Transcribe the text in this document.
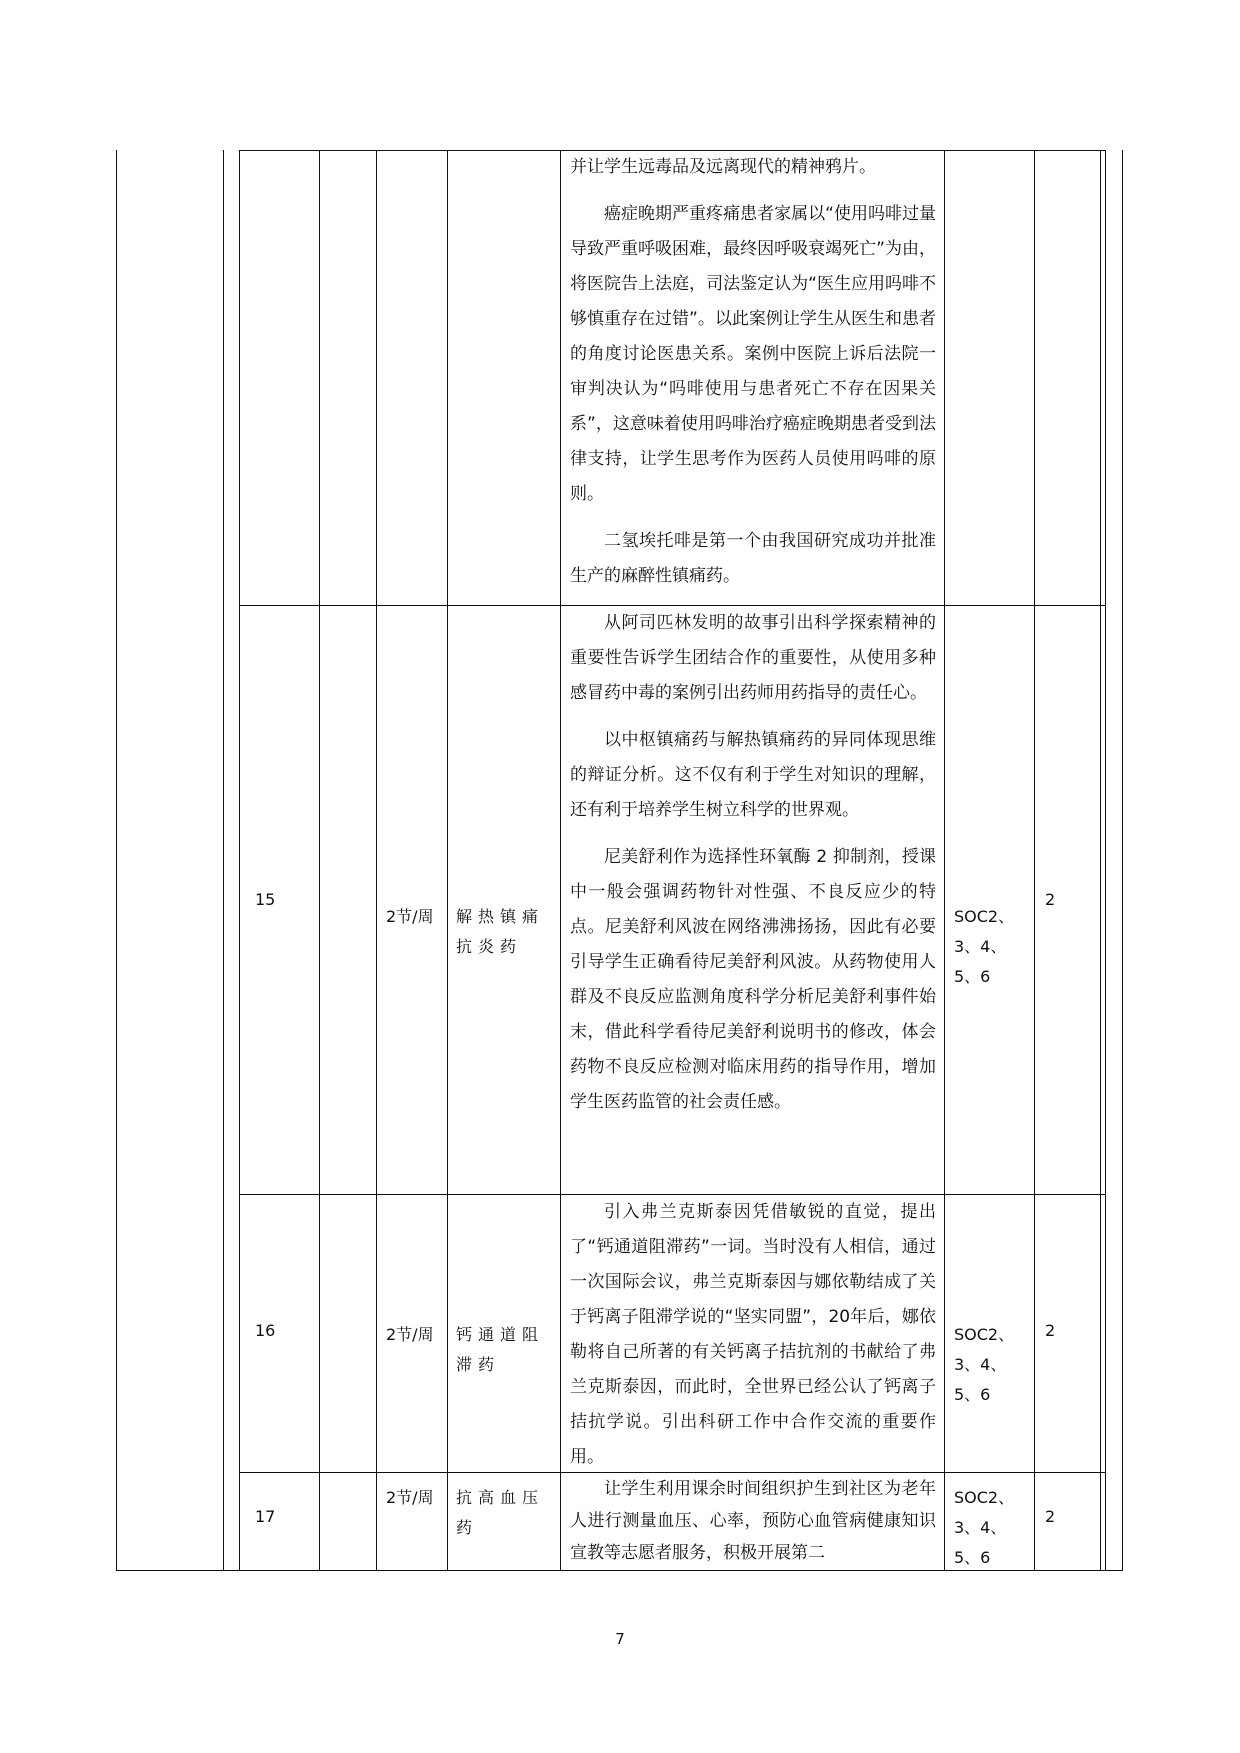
并让学生远毒品及远离现代的精神鸦片。

癌症晚期严重疼痛患者家属以“使用吗啡过量导致严重呼吸困难，最终因呼吸衰竭死亡”为由，将医院告上法庭，司法鉴定认为“医生应用吗啡不够慎重存在过错”。以此案例让学生从医生和患者的角度讨论医患关系。案例中医院上诉后法院一审判决认为“吗啡使用与患者死亡不存在因果关系”，这意味着使用吗啡治疗癌症晚期患者受到法律支持，让学生思考作为医药人员使用吗啡的原则。

二氢埃托啡是第一个由我国研究成功并批准生产的麻醉性镇痛药。

15
2节/周 解热镇痛抗炎药

从阿司匹林发明的故事引出科学探索精神的重要性告诉学生团结合作的重要性，从使用多种感冒药中毒的案例引出药师用药指导的责任心。

以中枢镇痛药与解热镇痛药的异同体现思维的辩证分析。这不仅有利于学生对知识的理解，还有利于培养学生树立科学的世界观。

尼美舒利作为选择性环氧酶 2 抑制剂，授课中一般会强调药物针对性强、不良反应少的特点。尼美舒利风波在网络沸沸扬扬，因此有必要引导学生正确看待尼美舒利风波。从药物使用人群及不良反应监测角度科学分析尼美舒利事件始末，借此科学看待尼美舒利说明书的修改，体会药物不良反应检测对临床用药的指导作用，增加学生医药监管的社会责任感。

SOC2、3、4、5、6
2
16	2节/周 钙通道阻滞药

引入弗兰克斯泰因凭借敏锐的直觉，提出了“钙通道阻滞药”一词。当时没有人相信，通过一次国际会议，弗兰克斯泰因与娜依勒结成了关于钙离子阻滞学说的“坚实同盟”，20年后，娜依勒将自己所著的有关钙离子拮抗剂的书献给了弗兰克斯泰因，而此时，全世界已经公认了钙离子拮抗学说。引出科研工作中合作交流的重要作用。

SOC2、3、4、5、6
2
17
2节/周 抗高血压药

让学生利用课余时间组织护生到社区为老年人进行测量血压、心率，预防心血管病健康知识宣教等志愿者服务，积极开展第二

SOC2、3、4、5、6
2
7
